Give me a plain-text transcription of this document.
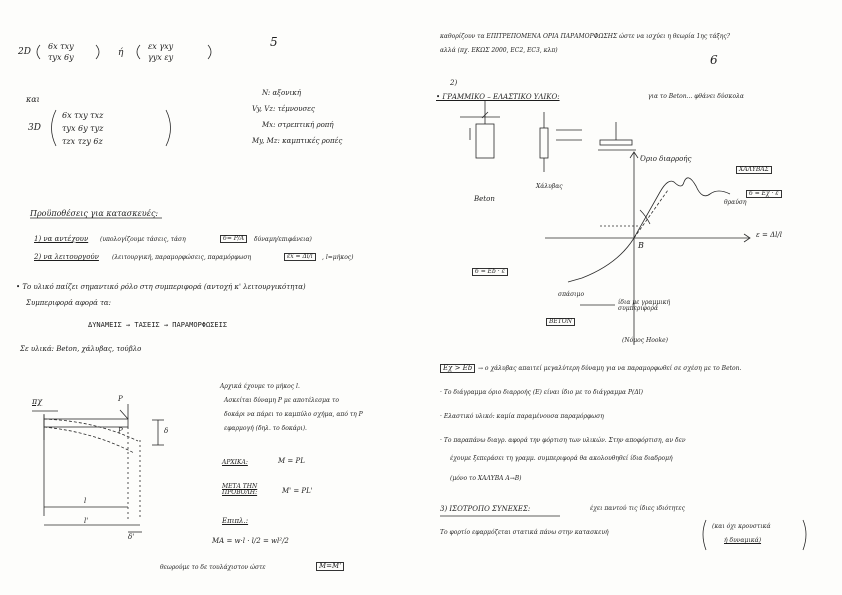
5
2D
6x τxy
τyx 6y	ή
εx γxy
γyx εy
και
3D
6x τxy τxz
τyx 6y τyz
τzx τzy 6z
N: αξονική
Vy, Vz: τέμνουσες
Mx: στρεπτική ροπή
My, Mz: καμπτικές ροπές
Προϋποθέσεις για κατασκευές:
1) να αντέχουν (υπολογίζουμε τάσεις, τάση	6= P/A	δύναμη/επιφάνεια)
2) να λειτουργούν (λειτουργική, παραμορφώσεις, παραμόρφωση	εx = Δl/l	, l=μήκος)
• Το υλικό παίζει σημαντικό ρόλο στη συμπεριφορά (αντοχή κ' λειτουργικότητα)
Συμπεριφορά αφορά τα:
ΔΥΝΑΜΕΙΣ → ΤΑΣΕΙΣ → ΠΑΡΑΜΟΡΦΩΣΕΙΣ
Σε υλικά: Beton, χάλυβας, τούβλο
πχ	P
P	δ
l
l'
δ'
Αρχικά έχουμε το μήκος l.
Ασκείται δύναμη P με αποτέλεσμα το
δοκάρι να πάρει το καμπύλο σχήμα, από τη P
εφαρμογή (δηλ. το δοκάρι).
ΑΡΧΙΚΑ:	M = PL
ΜΕΤΑ ΤΗΝ ΠΡΟΒΟΛΗ:	M' = PL'
Επιπλ.:
MA = w·l · l/2 = wl²/2
θεωρούμε το δε τουλάχιστον ώστε	M=M'
καθορίζουν τα ΕΠΙΤΡΕΠΟΜΕΝΑ ΟΡΙΑ ΠΑΡΑΜΟΡΦΩΣΗΣ ώστε να ισχύει η θεωρία 1ης τάξης?
αλλά (πχ. ΕΚΩΣ 2000, ΕC2, ΕC3, κλπ)
6
2)
• ΓΡΑΜΜΙΚΟ – ΕΛΑΣΤΙΚΟ ΥΛΙΚΟ:	για το Beton... φθάνει δύσκολα
Beton
Χάλυβας
Όριο διαρροής
ΧΑΛΥΒΑΣ
6 = Eχ · ε
θραύση
Β
ε = Δl/l
6 = Eb · ε
σπάσιμο
ΒΕΤΟΝ
ίδια με γραμμική συμπεριφορά
(Νόμος Hooke)
Eχ > Eb → ο χάλυβας απαιτεί μεγαλύτερη δύναμη για να παραμορφωθεί σε σχέση με το Beton.
· Το διάγραμμα όριο διαρροής (Ε) είναι ίδιο με το διάγραμμα P(Δl)
· Ελαστικό υλικό: καμία παραμένουσα παραμόρφωση
· Το παραπάνω διαγρ. αφορά την φόρτιση των υλικών. Στην αποφόρτιση, αν δεν
έχουμε ξεπεράσει τη γραμμ. συμπεριφορά θα ακολουθηθεί ίδια διαδρομή
(μόνο το ΧΑΛΥΒΑ Α→Β)
3) ΙΣΟΤΡΟΠΟ ΣΥΝΕΧΕΣ:	έχει παντού τις ίδιες ιδιότητες
Το φορτίο εφαρμόζεται στατικά πάνω στην κατασκευή
(και όχι κρουστικά
ή δυναμικά)
